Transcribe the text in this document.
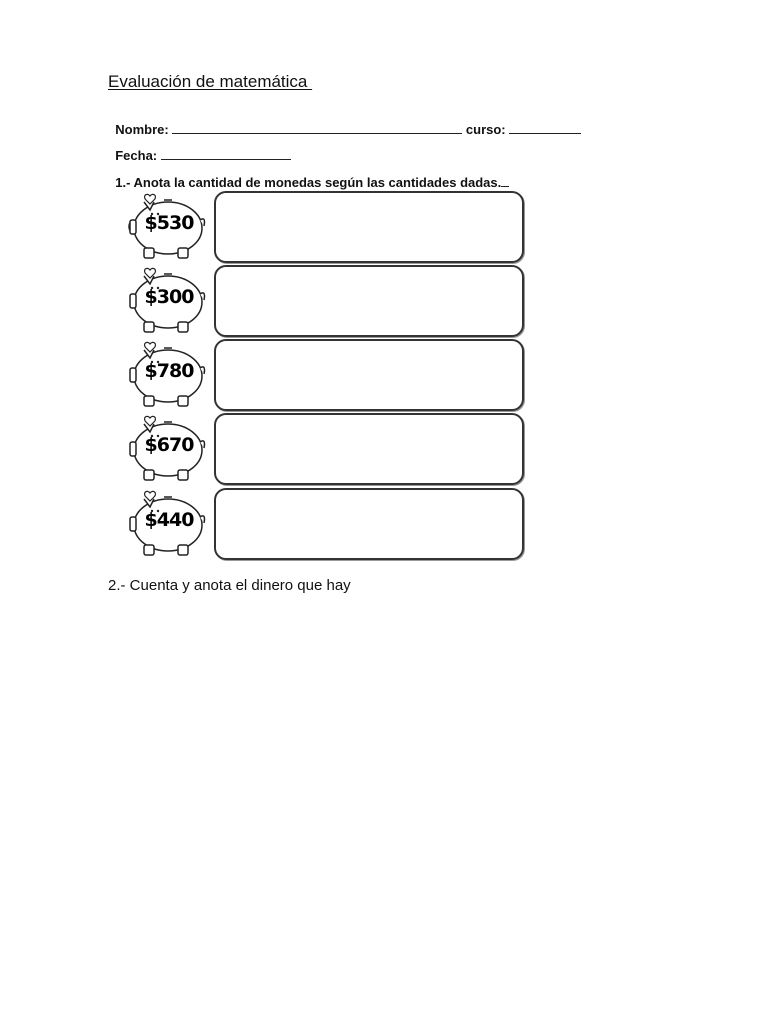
Evaluación de matemática

Nombre:	curso:

Fecha:

1.- Anota la cantidad de monedas según las cantidades dadas.

$530
$300
$780
$670
$440
2.- Cuenta y anota el dinero que hay
